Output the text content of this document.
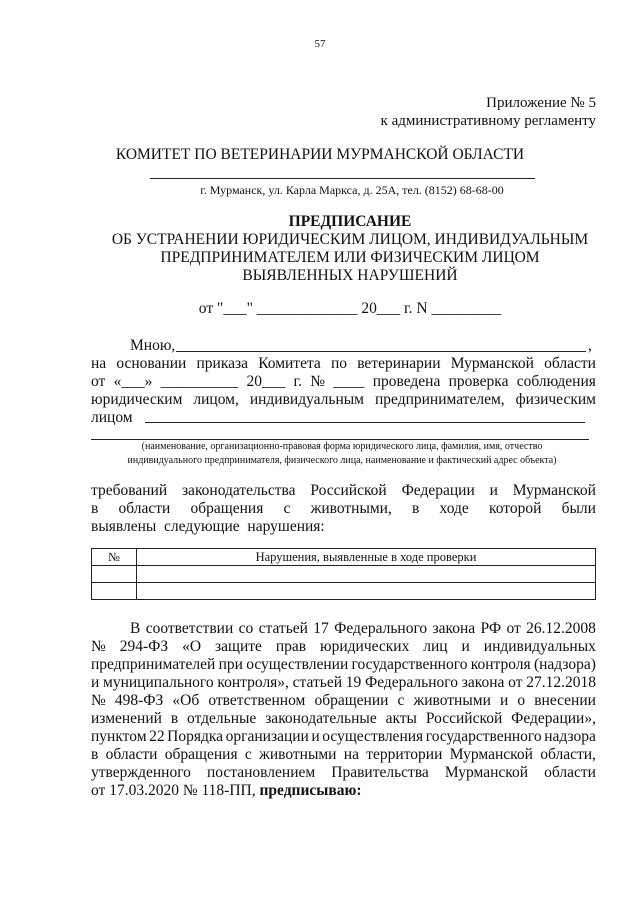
57
Приложение № 5
к административному регламенту
КОМИТЕТ ПО ВЕТЕРИНАРИИ МУРМАНСКОЙ ОБЛАСТИ
г. Мурманск, ул. Карла Маркса, д. 25А, тел. (8152) 68-68-00
ПРЕДПИСАНИЕ
ОБ УСТРАНЕНИИ ЮРИДИЧЕСКИМ ЛИЦОМ, ИНДИВИДУАЛЬНЫМ
ПРЕДПРИНИМАТЕЛЕМ ИЛИ ФИЗИЧЕСКИМ ЛИЦОМ
ВЫЯВЛЕННЫХ НАРУШЕНИЙ
от "___" _____________ 20___ г. N _________
Мною,	,
на основании приказа Комитета по ветеринарии Мурманской области
от «___» __________ 20___ г. № ____ проведена проверка соблюдения
юридическим лицом, индивидуальным предпринимателем, физическим
лицом
(наименование, организационно-правовая форма юридического лица, фамилия, имя, отчество
индивидуального предпринимателя, физического лица, наименование и фактический адрес объекта)
требований законодательства Российской Федерации и Мурманской
в области обращения с животными, в ходе которой были
выявлены  следующие  нарушения:
№	Нарушения, выявленные в ходе проверки

В соответствии со статьей 17 Федерального закона РФ от 26.12.2008
№ 294-ФЗ «О защите прав юридических лиц и индивидуальных
предпринимателей при осуществлении государственного контроля (надзора)
и муниципального контроля», статьей 19 Федерального закона от 27.12.2018
№ 498-ФЗ «Об ответственном обращении с животными и о внесении
изменений в отдельные законодательные акты Российской Федерации»,
пунктом 22 Порядка организации и осуществления государственного надзора
в области обращения с животными на территории Мурманской области,
утвержденного постановлением Правительства Мурманской области
от 17.03.2020 № 118-ПП, предписываю:
